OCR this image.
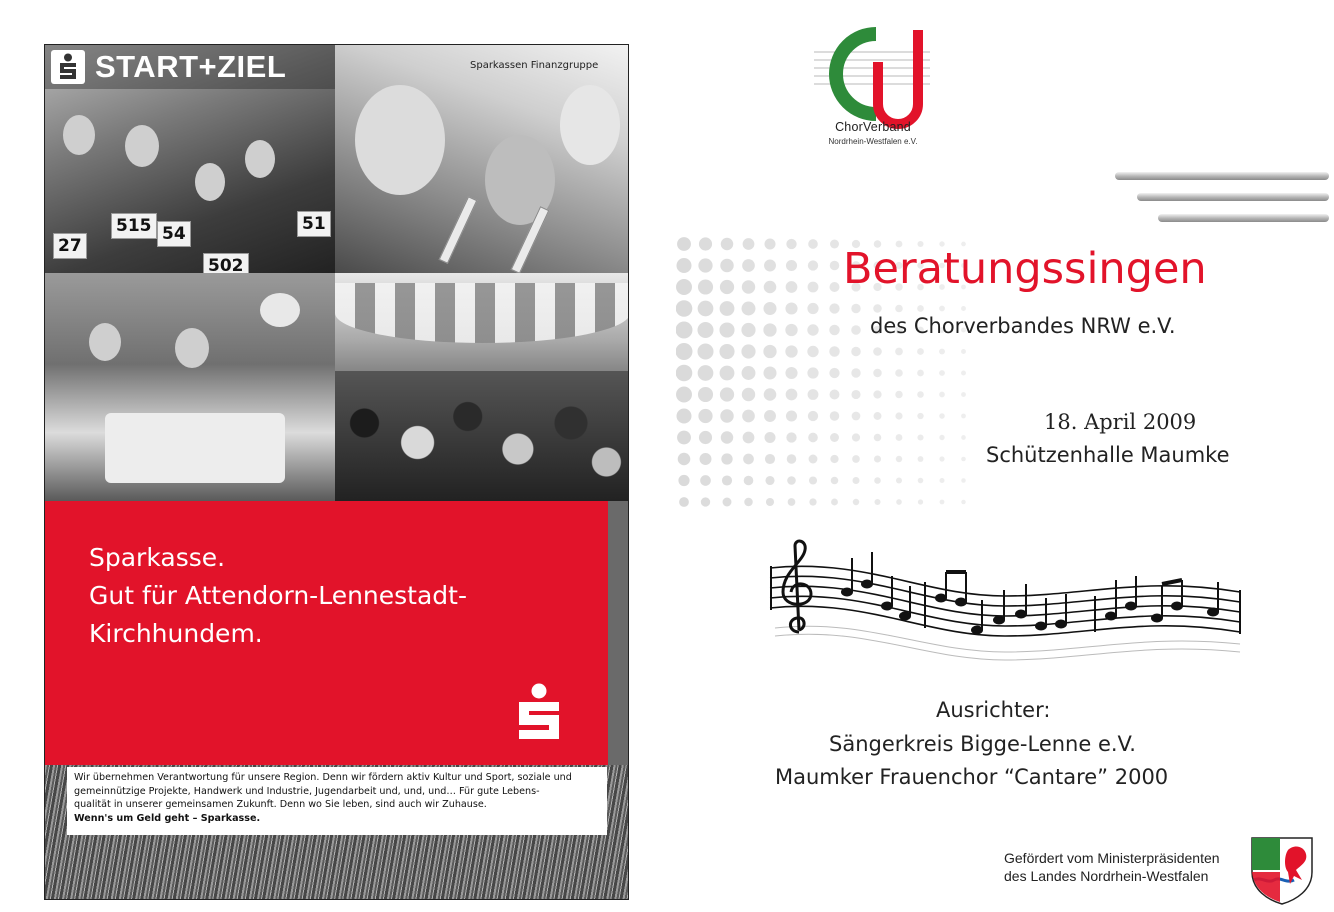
27
515 54
502
51
START+ZIEL	Sparkassen Finanzgruppe
Sparkasse.
Gut für Attendorn-Lennestadt-
Kirchhundem.
Wir übernehmen Verantwortung für unsere Region. Denn wir fördern aktiv Kultur und Sport, soziale und
gemeinnützige Projekte, Handwerk und Industrie, Jugendarbeit und, und, und… Für gute Lebens-
qualität in unserer gemeinsamen Zukunft. Denn wo Sie leben, sind auch wir Zuhause.
Wenn's um Geld geht – Sparkasse.
ChorVerband
Nordrhein-Westfalen e.V.
Beratungssingen
des Chorverbandes NRW e.V.
18. April 2009
Schützenhalle Maumke
Ausrichter:
Sängerkreis Bigge-Lenne e.V.
Maumker Frauenchor “Cantare” 2000
Gefördert vom Ministerpräsidenten
des Landes Nordrhein-Westfalen
